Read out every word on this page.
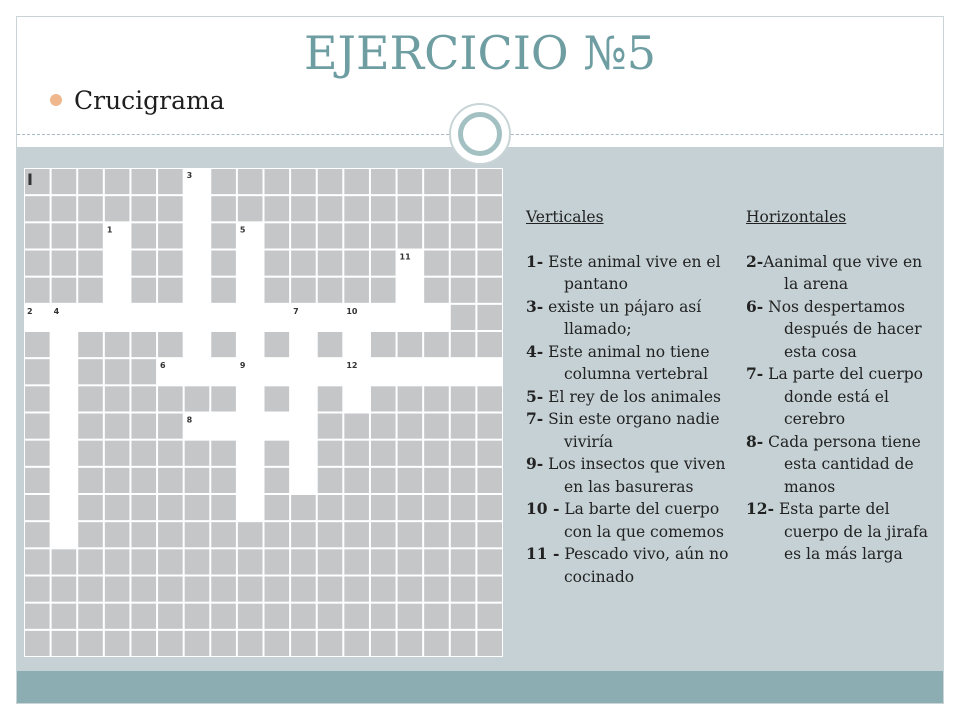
EJERCICIO №5
Crucigrama
I	3
1	5
11
2	4	7	10
6	9	12
8
Verticales
1- Este animal vive en el pantano
3- existe un pájaro así llamado;
4- Este animal no tiene columna vertebral
5- El rey de los animales
7- Sin este organo nadie viviría
9- Los insectos que viven en las basureras
10 - La barte del cuerpo con la que comemos
11 - Pescado vivo, aún no cocinado
Horizontales
2-Aanimal que vive en la arena
6- Nos despertamos después de hacer esta cosa
7- La parte del cuerpo donde está el cerebro
8- Cada persona tiene esta cantidad de manos
12- Esta parte del cuerpo de la jirafa es la más larga
